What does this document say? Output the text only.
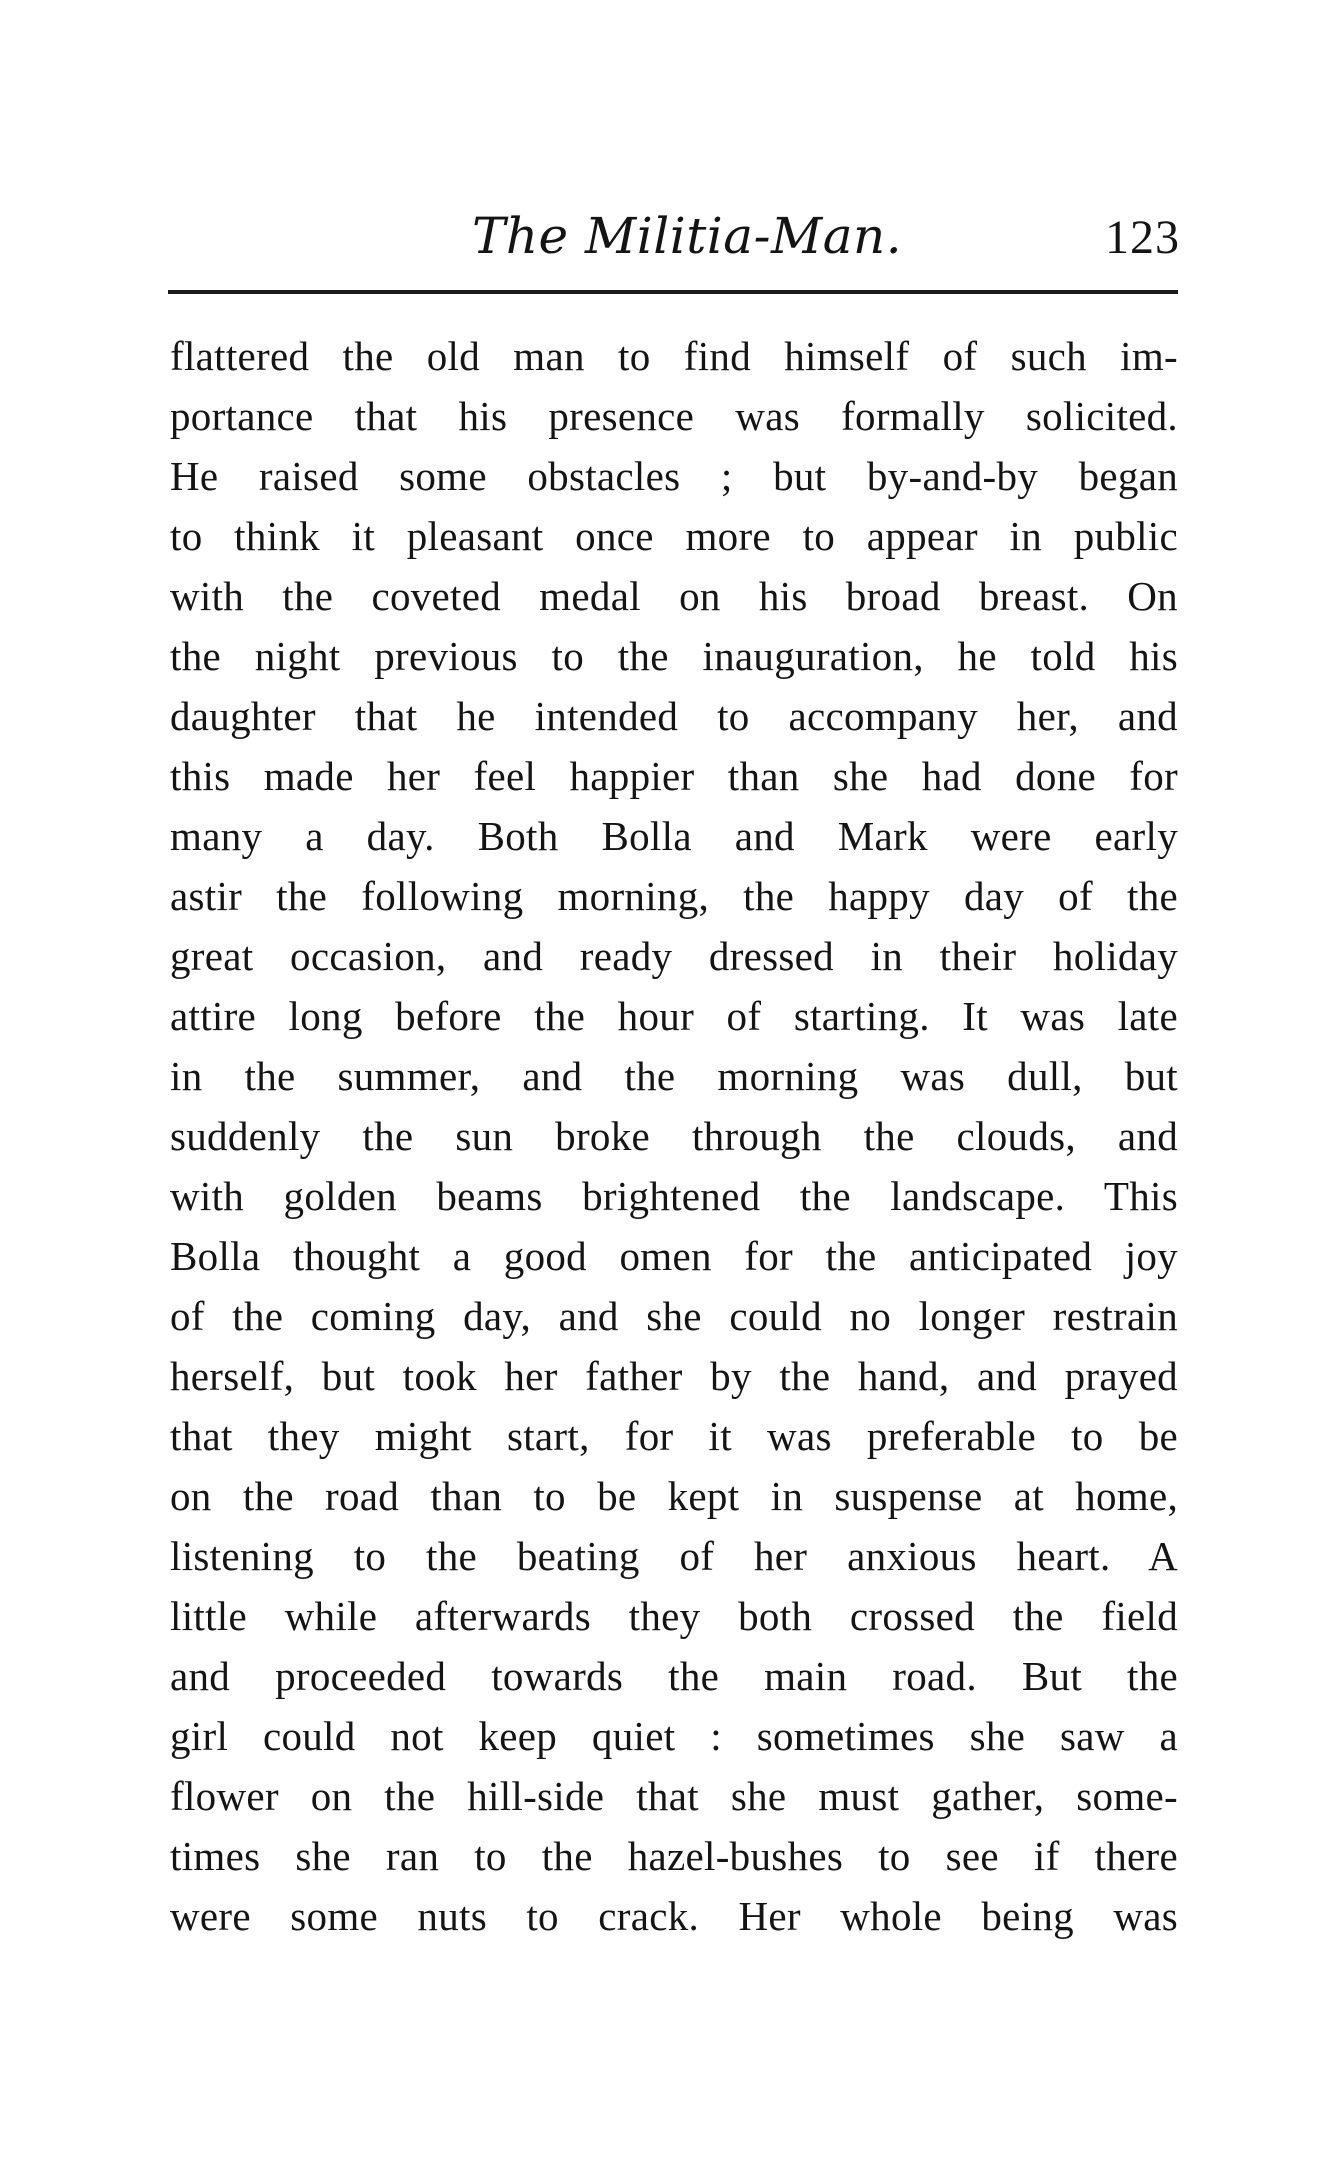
The Militia-Man.	123
flattered the old man to find himself of such im-
portance that his presence was formally solicited.
He raised some obstacles ; but by-and-by began
to think it pleasant once more to appear in public
with the coveted medal on his broad breast. On
the night previous to the inauguration, he told his
daughter that he intended to accompany her, and
this made her feel happier than she had done for
many a day. Both Bolla and Mark were early
astir the following morning, the happy day of the
great occasion, and ready dressed in their holiday
attire long before the hour of starting. It was late
in the summer, and the morning was dull, but
suddenly the sun broke through the clouds, and
with golden beams brightened the landscape. This
Bolla thought a good omen for the anticipated joy
of the coming day, and she could no longer restrain
herself, but took her father by the hand, and prayed
that they might start, for it was preferable to be
on the road than to be kept in suspense at home,
listening to the beating of her anxious heart. A
little while afterwards they both crossed the field
and proceeded towards the main road. But the
girl could not keep quiet : sometimes she saw a
flower on the hill-side that she must gather, some-
times she ran to the hazel-bushes to see if there
were some nuts to crack. Her whole being was
